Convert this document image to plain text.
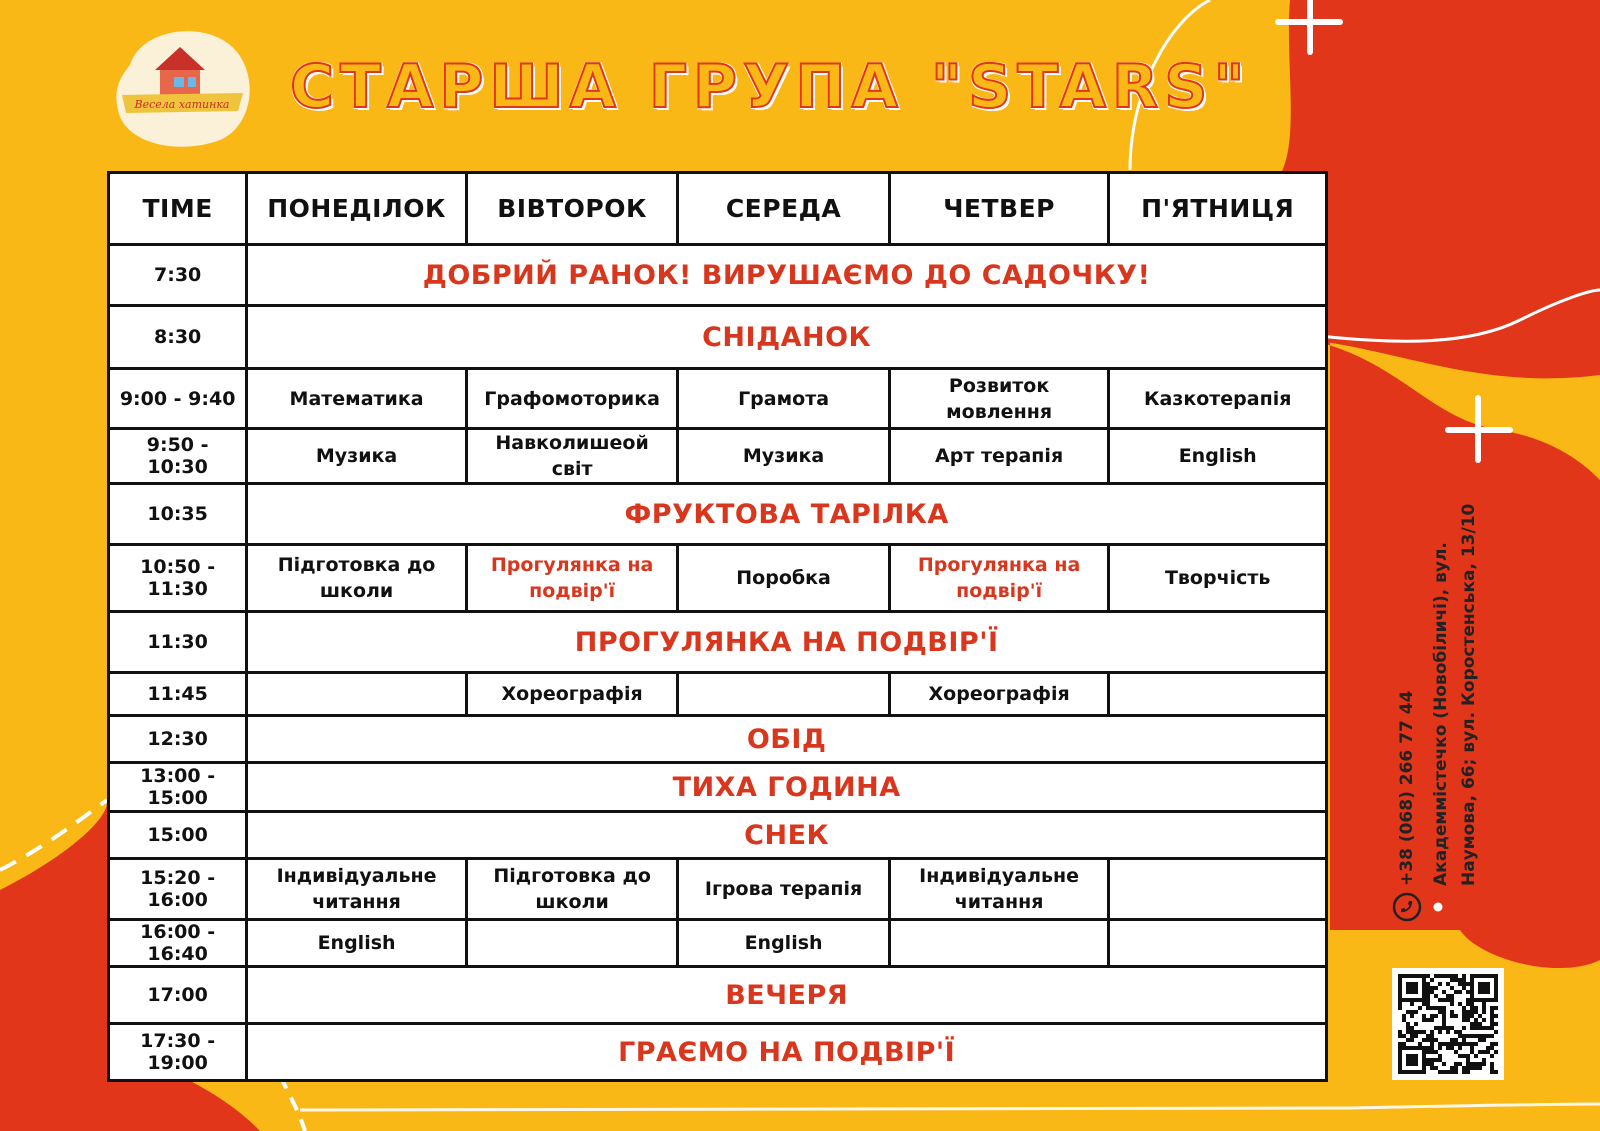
Весела хатинка СТАРША ГРУПА "STARS"
TIME	ПОНЕДІЛОК	ВІВТОРОК	СЕРЕДА	ЧЕТВЕР	П'ЯТНИЦЯ
7:30	ДОБРИЙ РАНОК! ВИРУШАЄМО ДО САДОЧКУ!				
8:30	СНІДАНОК				
9:00 - 9:40	Математика	Графомоторика	Грамота	Розвиток мовлення	Казкотерапія
9:50 - 10:30	Музика	Навколишеой світ	Музика	Арт терапія	English
10:35	ФРУКТОВА ТАРІЛКА				
10:50 - 11:30	Підготовка до школи	Прогулянка на подвір'ї	Поробка	Прогулянка на подвір'ї	Творчість
11:30	ПРОГУЛЯНКА НА ПОДВІР'Ї				
11:45		Хореографія		Хореографія	
12:30	ОБІД				
13:00 - 15:00	ТИХА ГОДИНА				
15:00	СНЕК				
15:20 - 16:00	Індивідуальне читання	Підготовка до школи	Ігрова терапія	Індивідуальне читання	
16:00 - 16:40	English		English		
17:00	ВЕЧЕРЯ				
17:30 - 19:00	ГРАЄМО НА ПОДВІР'Ї				
+38 (068) 266 77 44 Академмістечко (Новобіличі), вул. Наумова, 66; вул. Коростенська, 13/10
